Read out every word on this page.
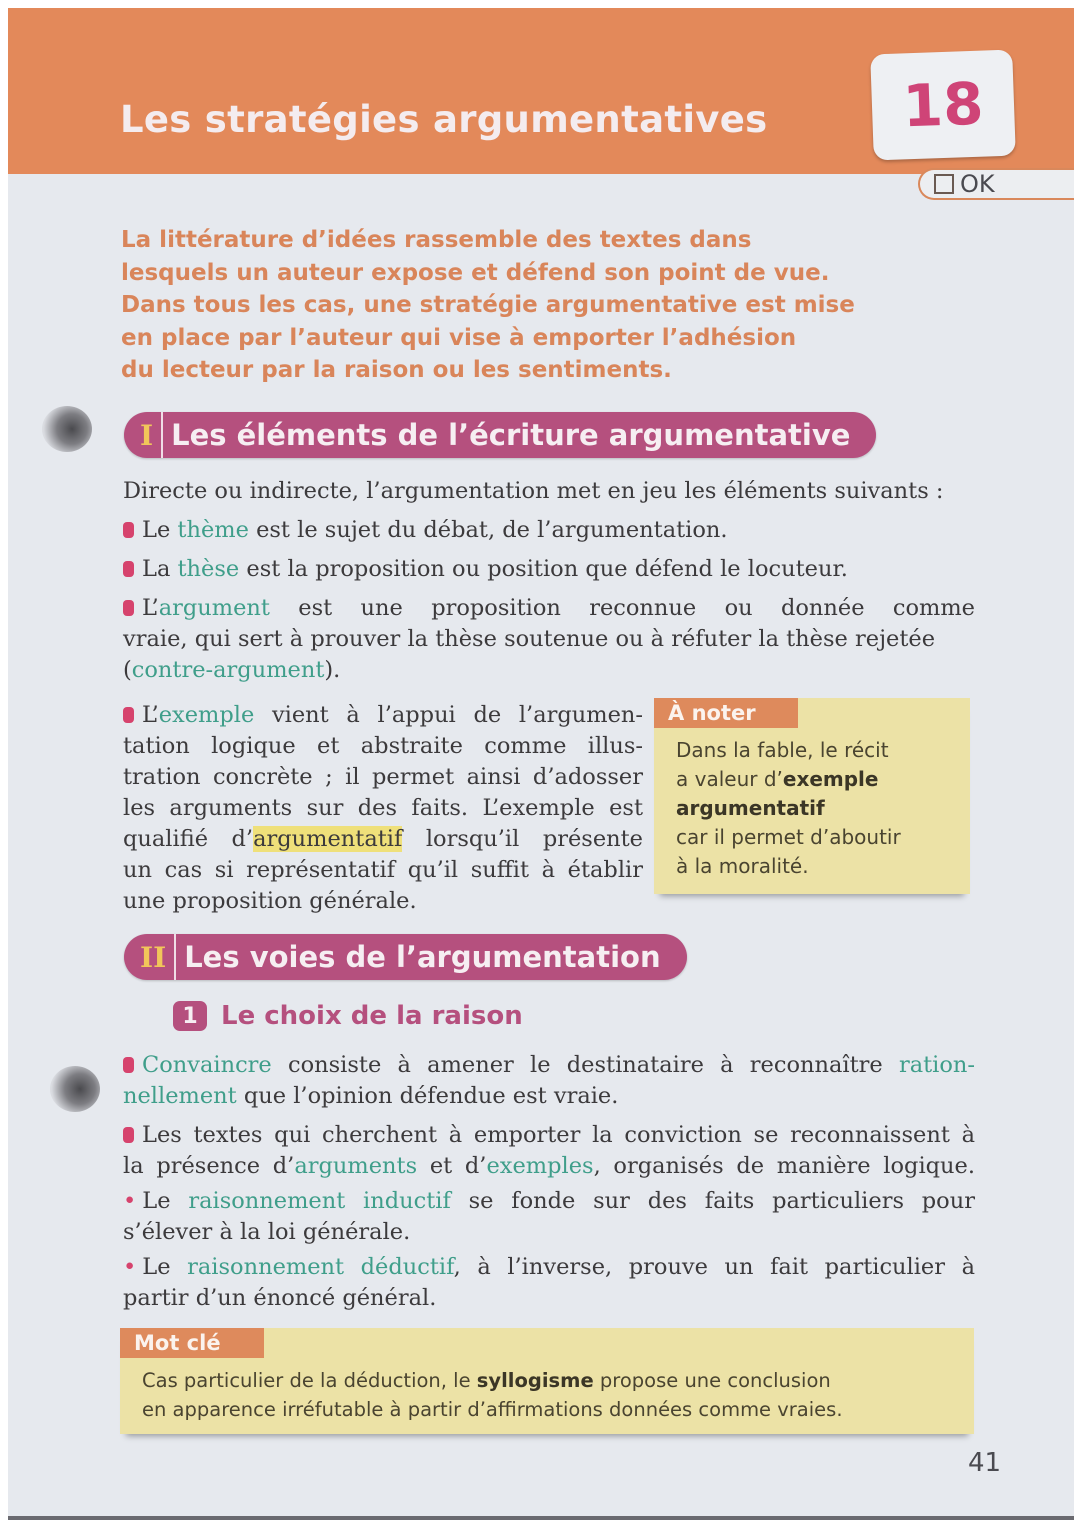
Les stratégies argumentatives 18
OK
La littérature d’idées rassemble des textes dans
lesquels un auteur expose et défend son point de vue.
Dans tous les cas, une stratégie argumentative est mise
en place par l’auteur qui vise à emporter l’adhésion
du lecteur par la raison ou les sentiments.
I Les éléments de l’écriture argumentative
Directe ou indirecte, l’argumentation met en jeu les éléments suivants :
Le thème est le sujet du débat, de l’argumentation.
La thèse est la proposition ou position que défend le locuteur.
L’argument est une proposition reconnue ou donnée comme
vraie, qui sert à prouver la thèse soutenue ou à réfuter la thèse rejetée
(contre-argument).
L’exemple vient à l’appui de l’argumen-
tation logique et abstraite comme illus-
tration concrète ; il permet ainsi d’adosser
les arguments sur des faits. L’exemple est
qualifié d’argumentatif lorsqu’il présente
un cas si représentatif qu’il suffit à établir
une proposition générale.
À noter
Dans la fable, le récit
a valeur d’exemple
argumentatif
car il permet d’aboutir
à la moralité.
II Les voies de l’argumentation
1 Le choix de la raison
Convaincre consiste à amener le destinataire à reconnaître ration-
nellement que l’opinion défendue est vraie.
Les textes qui cherchent à emporter la conviction se reconnaissent à
la présence d’arguments et d’exemples, organisés de manière logique.
• Le raisonnement inductif se fonde sur des faits particuliers pour
s’élever à la loi générale.
• Le raisonnement déductif, à l’inverse, prouve un fait particulier à
partir d’un énoncé général.
Mot clé
Cas particulier de la déduction, le syllogisme propose une conclusion
en apparence irréfutable à partir d’affirmations données comme vraies.
41
